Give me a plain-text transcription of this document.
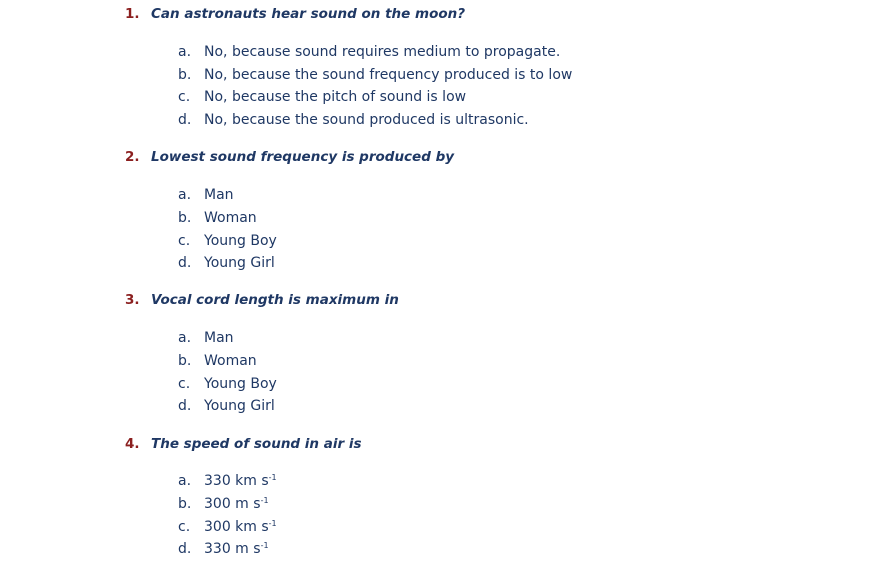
1. Can astronauts hear sound on the moon?
a. No, because sound requires medium to propagate.
b. No, because the sound frequency produced is to low
c. No, because the pitch of sound is low
d. No, because the sound produced is ultrasonic.
2. Lowest sound frequency is produced by
a. Man
b. Woman
c. Young Boy
d. Young Girl
3. Vocal cord length is maximum in
a. Man
b. Woman
c. Young Boy
d. Young Girl
4. The speed of sound in air is
a. 330 km $s^{-1}$
b. 300 m $s^{-1}$
c. 300 km $s^{-1}$
d. 330 m $s^{-1}$
